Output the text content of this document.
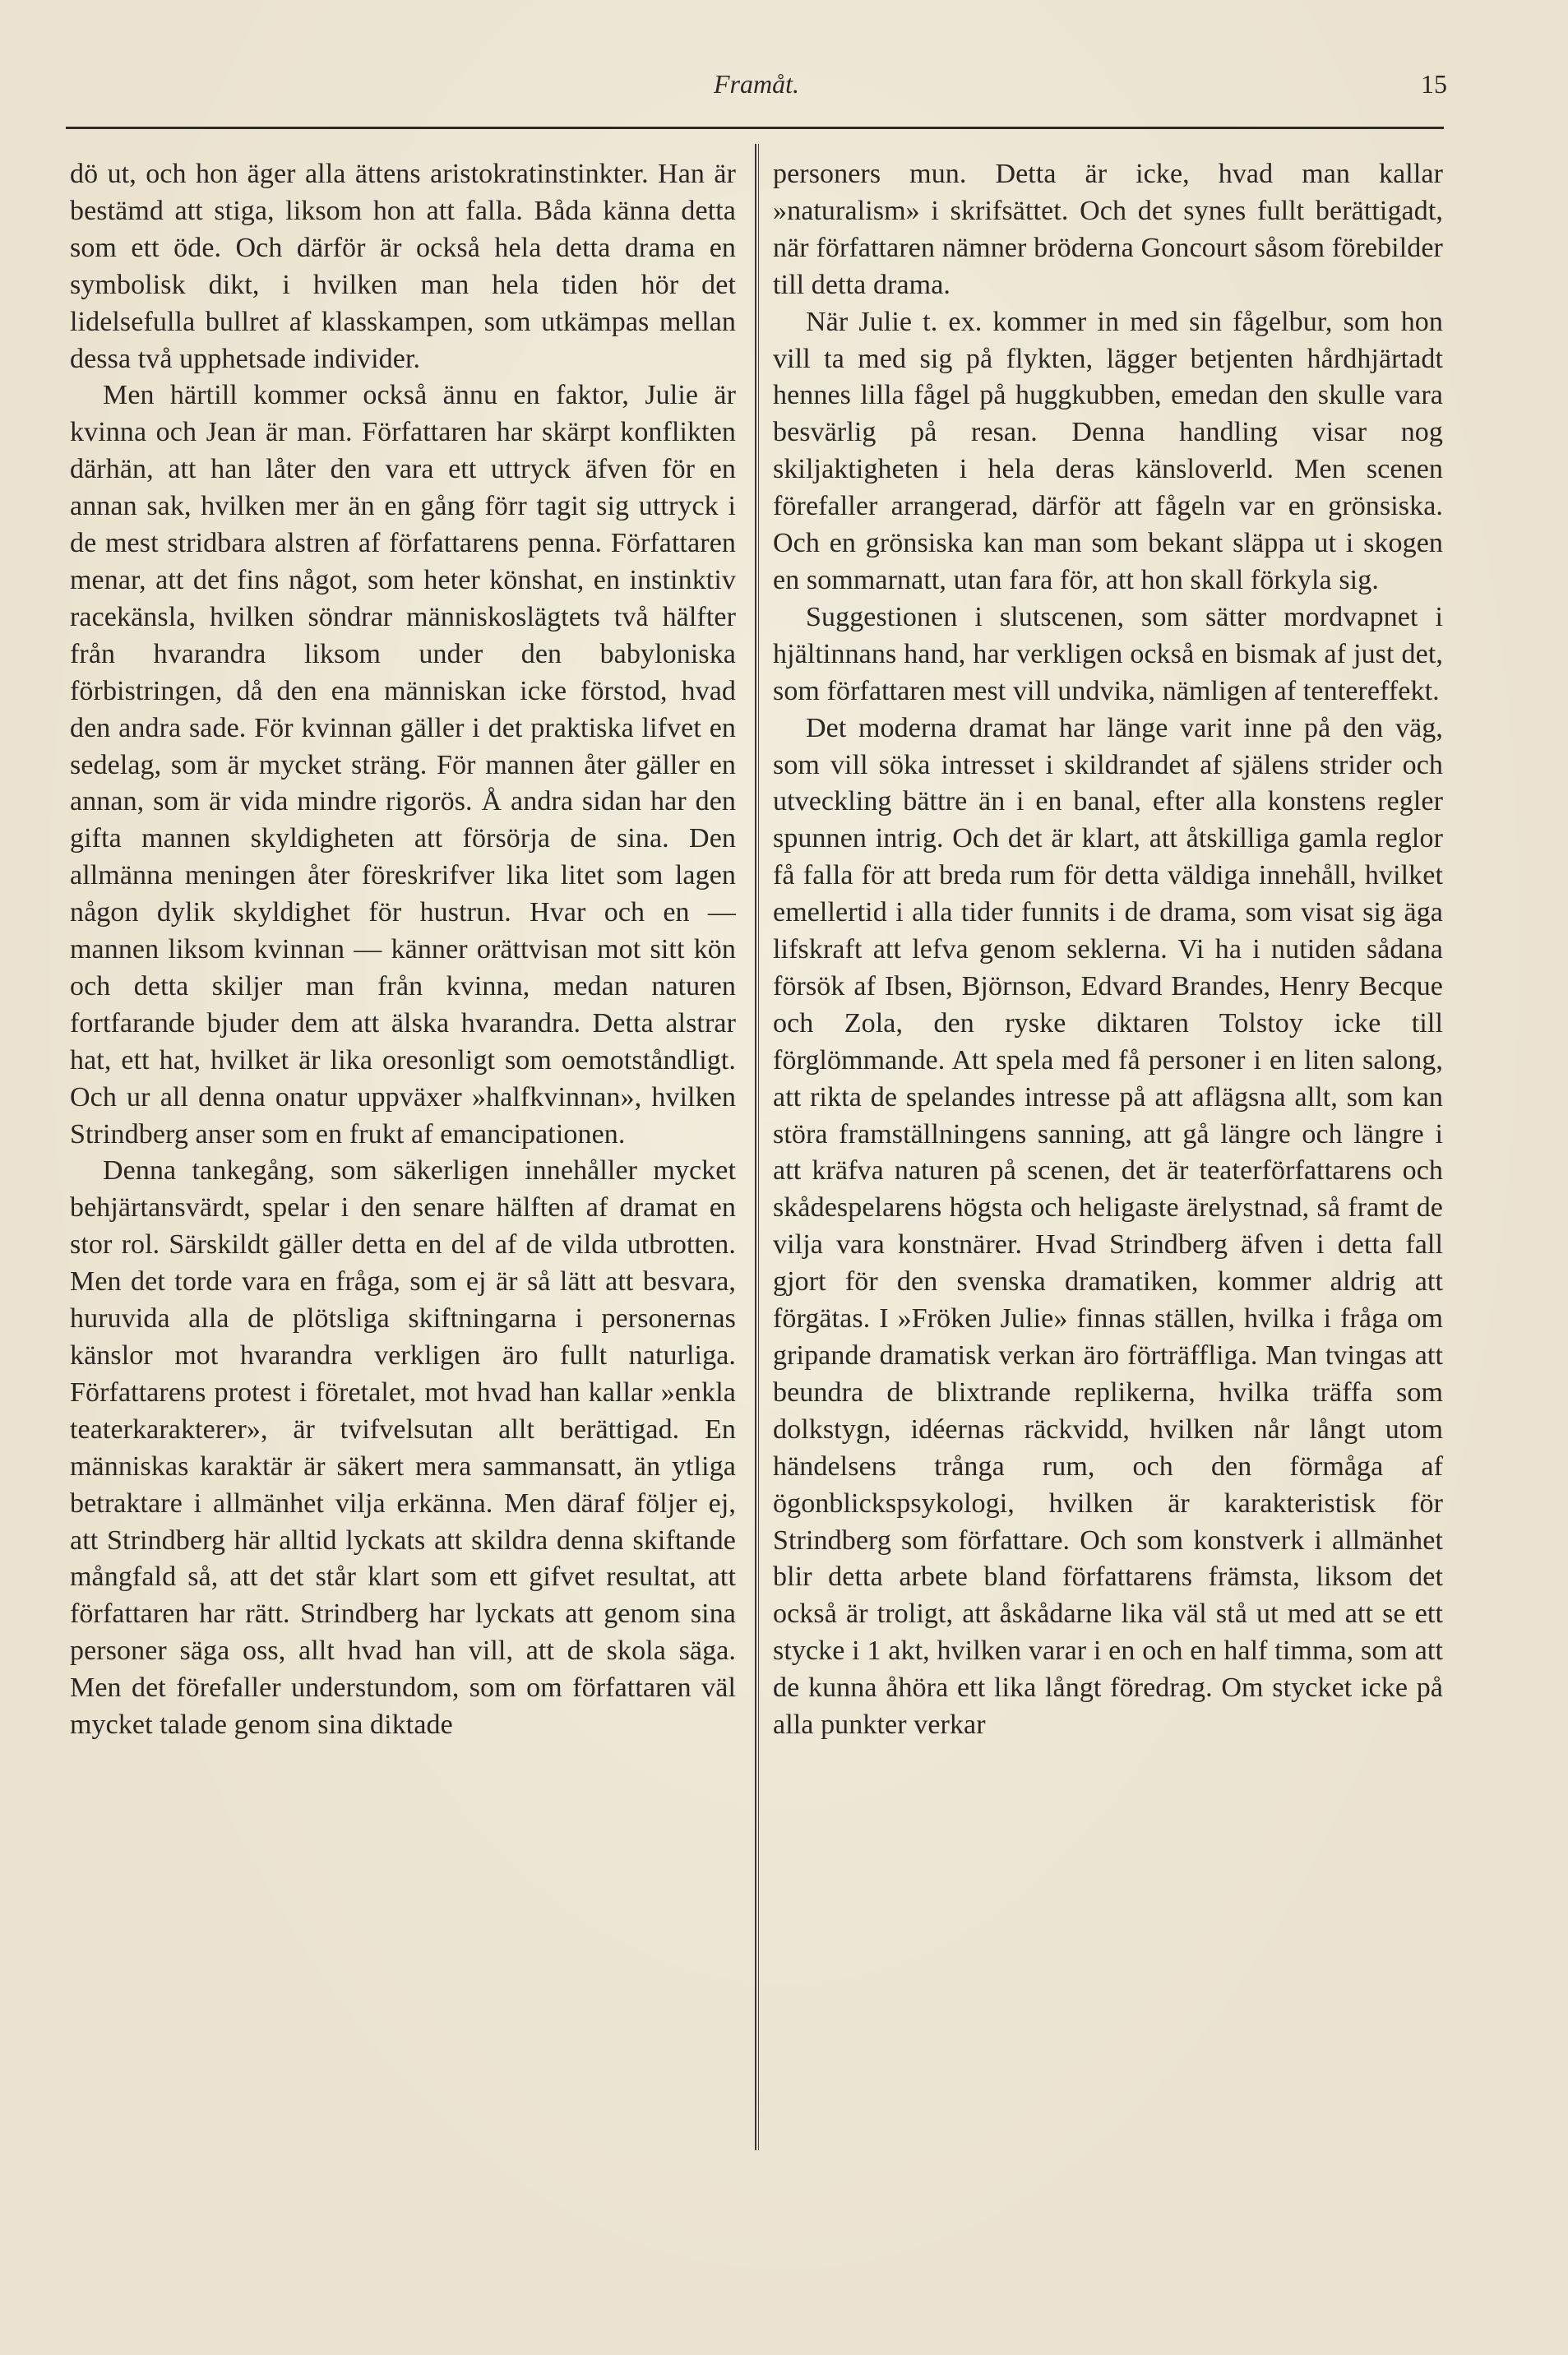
Framåt.	15

dö ut, och hon äger alla ättens aristokratinstinkter. Han är bestämd att stiga, liksom hon att falla. Båda känna detta som ett öde. Och därför är också hela detta drama en symbolisk dikt, i hvilken man hela tiden hör det lidelsefulla bullret af klasskampen, som utkämpas mellan dessa två upphetsade individer.

Men härtill kommer också ännu en faktor, Julie är kvinna och Jean är man. Författaren har skärpt konflikten därhän, att han låter den vara ett uttryck äfven för en annan sak, hvilken mer än en gång förr tagit sig uttryck i de mest stridbara alstren af författarens penna. Författaren menar, att det fins något, som heter könshat, en instinktiv racekänsla, hvilken söndrar människoslägtets två hälfter från hvarandra liksom under den babyloniska förbistringen, då den ena människan icke förstod, hvad den andra sade. För kvinnan gäller i det praktiska lifvet en sedelag, som är mycket sträng. För mannen åter gäller en annan, som är vida mindre rigorös. Å andra sidan har den gifta mannen skyldigheten att försörja de sina. Den allmänna meningen åter föreskrifver lika litet som lagen någon dylik skyldighet för hustrun. Hvar och en — mannen liksom kvinnan — känner orättvisan mot sitt kön och detta skiljer man från kvinna, medan naturen fortfarande bjuder dem att älska hvarandra. Detta alstrar hat, ett hat, hvilket är lika oresonligt som oemotståndligt. Och ur all denna onatur uppväxer »halfkvinnan», hvilken Strindberg anser som en frukt af emancipationen.

Denna tankegång, som säkerligen innehåller mycket behjärtansvärdt, spelar i den senare hälften af dramat en stor rol. Särskildt gäller detta en del af de vilda utbrotten. Men det torde vara en fråga, som ej är så lätt att besvara, huruvida alla de plötsliga skiftningarna i personernas känslor mot hvarandra verkligen äro fullt naturliga. Författarens protest i företalet, mot hvad han kallar »enkla teaterkarakterer», är tvifvelsutan allt berättigad. En människas karaktär är säkert mera sammansatt, än ytliga betraktare i allmänhet vilja erkänna. Men däraf följer ej, att Strindberg här alltid lyckats att skildra denna skiftande mångfald så, att det står klart som ett gifvet resultat, att författaren har rätt. Strindberg har lyckats att genom sina personer säga oss, allt hvad han vill, att de skola säga. Men det förefaller understundom, som om författaren väl mycket talade genom sina diktade

personers mun. Detta är icke, hvad man kallar »naturalism» i skrifsättet. Och det synes fullt berättigadt, när författaren nämner bröderna Goncourt såsom förebilder till detta drama.

När Julie t. ex. kommer in med sin fågelbur, som hon vill ta med sig på flykten, lägger betjenten hårdhjärtadt hennes lilla fågel på huggkubben, emedan den skulle vara besvärlig på resan. Denna handling visar nog skiljaktigheten i hela deras känsloverld. Men scenen förefaller arrangerad, därför att fågeln var en grönsiska. Och en grönsiska kan man som bekant släppa ut i skogen en sommarnatt, utan fara för, att hon skall förkyla sig.

Suggestionen i slutscenen, som sätter mordvapnet i hjältinnans hand, har verkligen också en bismak af just det, som författaren mest vill undvika, nämligen af tentereffekt.

Det moderna dramat har länge varit inne på den väg, som vill söka intresset i skildrandet af själens strider och utveckling bättre än i en banal, efter alla konstens regler spunnen intrig. Och det är klart, att åtskilliga gamla reglor få falla för att breda rum för detta väldiga innehåll, hvilket emellertid i alla tider funnits i de drama, som visat sig äga lifskraft att lefva genom seklerna. Vi ha i nutiden sådana försök af Ibsen, Björnson, Edvard Brandes, Henry Becque och Zola, den ryske diktaren Tolstoy icke till förglömmande. Att spela med få personer i en liten salong, att rikta de spelandes intresse på att aflägsna allt, som kan störa framställningens sanning, att gå längre och längre i att kräfva naturen på scenen, det är teaterförfattarens och skådespelarens högsta och heligaste ärelystnad, så framt de vilja vara konstnärer. Hvad Strindberg äfven i detta fall gjort för den svenska dramatiken, kommer aldrig att förgätas. I »Fröken Julie» finnas ställen, hvilka i fråga om gripande dramatisk verkan äro förträffliga. Man tvingas att beundra de blixtrande replikerna, hvilka träffa som dolkstygn, idéernas räckvidd, hvilken når långt utom händelsens trånga rum, och den förmåga af ögonblickspsykologi, hvilken är karakteristisk för Strindberg som författare. Och som konstverk i allmänhet blir detta arbete bland författarens främsta, liksom det också är troligt, att åskådarne lika väl stå ut med att se ett stycke i 1 akt, hvilken varar i en och en half timma, som att de kunna åhöra ett lika långt föredrag. Om stycket icke på alla punkter verkar
